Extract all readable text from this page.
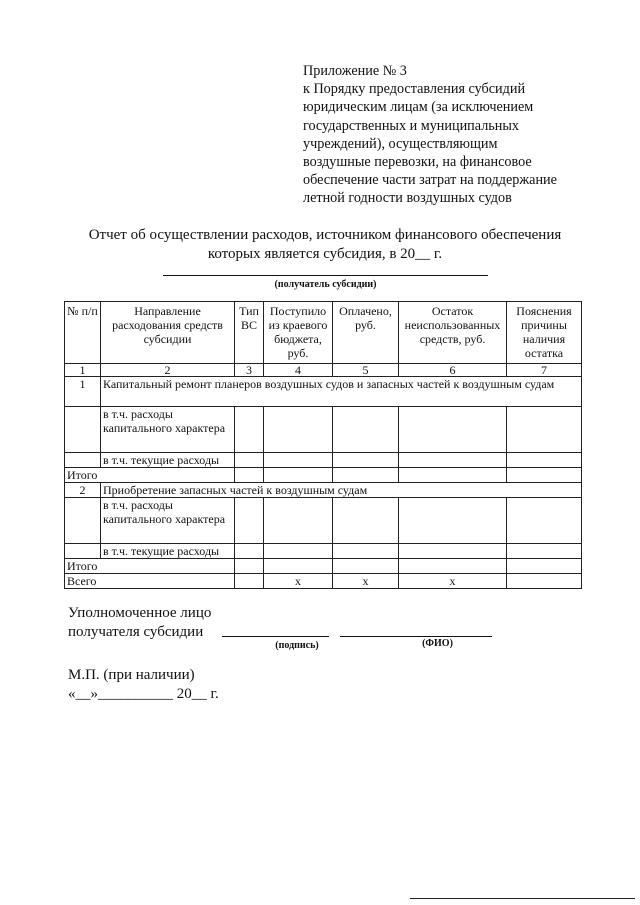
Приложение № 3
к Порядку предоставления субсидий
юридическим лицам (за исключением
государственных и муниципальных
учреждений), осуществляющим
воздушные перевозки, на финансовое
обеспечение части затрат на поддержание
летной годности воздушных судов
Отчет об осуществлении расходов, источником финансового обеспечения
которых является субсидия, в 20__ г.
(получатель субсидии)
№ п/п	Направление расходования средств субсидии	Тип ВС	Поступило из краевого бюджета, руб.	Оплачено, руб.	Остаток неиспользованных средств, руб.	Пояснения причины наличия остатка
1	2	3	4	5	6	7
1	Капитальный ремонт планеров воздушных судов и запасных частей к воздушным судам					
	в т.ч. расходы капитального характера					
	в т.ч. текущие расходы					
Итого						
2	Приобретение запасных частей к воздушным судам					
	в т.ч. расходы капитального характера					
	в т.ч. текущие расходы					
Итого						
Всего			х	х	х	
Уполномоченное лицо
получателя субсидии
(подпись)	(ФИО)
М.П. (при наличии)
«__»__________ 20__ г.
